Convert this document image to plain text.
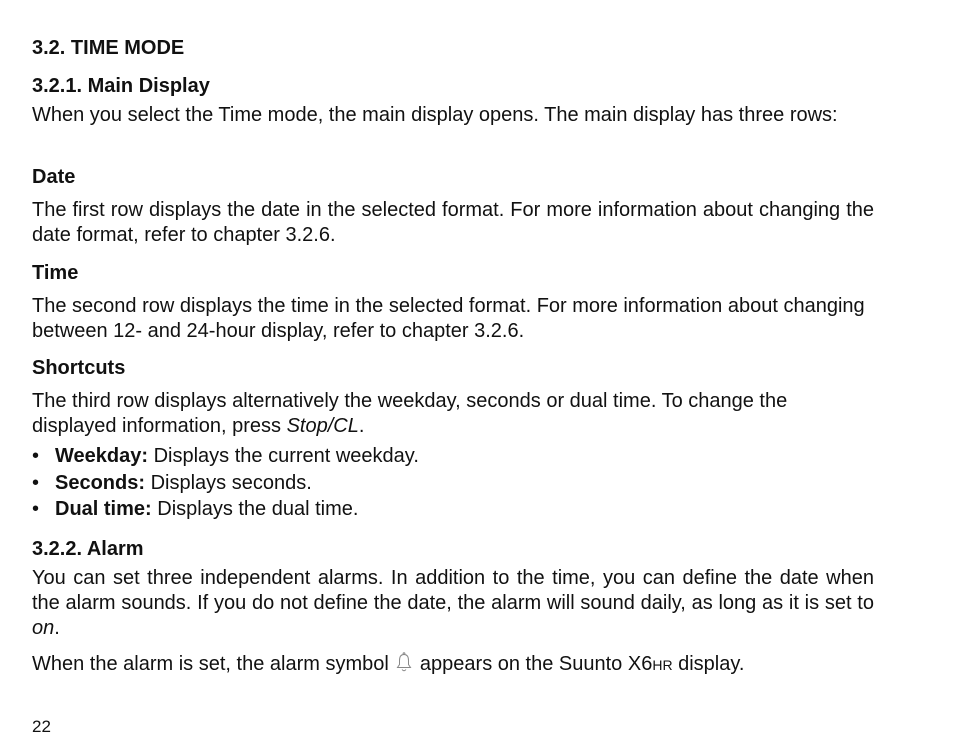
3.2. TIME MODE
3.2.1. Main Display
When you select the Time mode, the main display opens. The main display has three rows:
Date
The first row displays the date in the selected format. For more information about changing the date format, refer to chapter 3.2.6.
Time
The second row displays the time in the selected format. For more information about changing between 12- and 24-hour display, refer to chapter 3.2.6.
Shortcuts
The third row displays alternatively the weekday, seconds or dual time. To change the displayed information, press Stop/CL.
• Weekday: Displays the current weekday.
• Seconds: Displays seconds.
• Dual time: Displays the dual time.
3.2.2. Alarm
You can set three independent alarms. In addition to the time, you can define the date when the alarm sounds. If you do not define the date, the alarm will sound daily, as long as it is set to on.
When the alarm is set, the alarm symbol
appears on the Suunto X6HR display.
22
